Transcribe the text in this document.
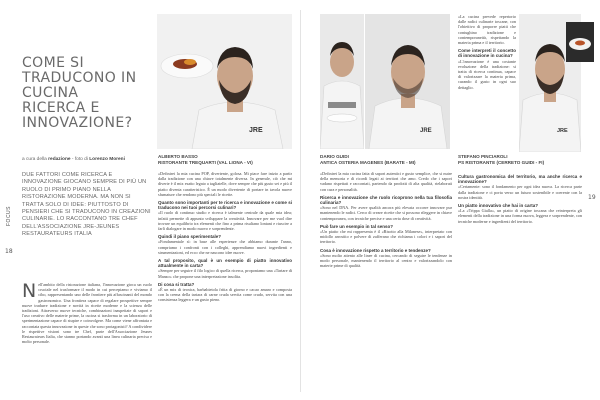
FOCUS
18
COME SI TRADUCONO IN CUCINA RICERCA E INNOVAZIONE?
a cura della redazione - foto di Lorenzo Moreni

DUE FATTORI COME RICERCA E INNOVAZIONE GIOCANO SEMPRE DI PIÙ UN RUOLO DI PRIMO PIANO NELLA RISTORAZIONE MODERNA. MA NON SI TRATTA SOLO DI IDEE: PIUTTOSTO DI PENSIERI CHE SI TRADUCONO IN CREAZIONI CULINARIE. LO RACCONTANO TRE CHEF DELL'ASSOCIAZIONE JRE-JEUNES RESTAURATEURS ITALIA

Nell'ambito della ristorazione italiana, l'innovazione gioca un ruolo cruciale nel trasformare il modo in cui percepiamo e viviamo il cibo, rappresentando uno delle frontiere più affascinanti del mondo gastronomico. Una frontiera capace di regalare prospettive sempre nuove tradurre tradizione e novità in ricette moderne e la scienza delle tradizioni. Attraverso nuove tecniche, combinazioni inaspettate di sapori e l'uso creativo delle materie prime, la cucina si trasforma in un laboratorio di sperimentazione capace di stupire e coinvolgere. Ma come viene affrontata e raccontata questa innovazione in queste che sono protagonisti? A condividere le rispettive visioni sono tre Chef, parte dell'Associazione Jeunes Restaurateurs Italia, che stanno portando avanti una linea culinaria precisa e molto personale.
JRE
ALBERTO BASSO
RISTORANTE TREQUARTI (VAL LIONA - VI)
«Definirei la mia cucina POP, divertente, golosa. Mi piace fare inizio a partir dalla tradizione con una chiave totalmente diversa. In generale, ciò che mi diverte è il mix esatto legato a tagliatelle, dove sempre che più gusto sei e più il piatto diventa caratteristico. È un modo divertente di portare in tavola nuove sfumature che rendono più speciali le ricette.
Quanto sono importanti per te ricerca e innovazione e come si traducono nei tuoi percorsi culinari?
«Il ruolo di continuo studio e ricerca è talmente centrale da quale mia idea; infatti permette di appunto sviluppare la creatività. Innovare per me vuol dire trovare un equilibrio tra elementi che fino a prima risultano lontani e riuscire a farli dialogare in modo nuovo e sorprendente.
Quindi il piano sperimentale?
«Fondamentale sì: in base alle esperienze che abbiamo durante l'anno, compriamo i confronti con i colleghi, apprendiamo nuovi ingredienti e strumentazioni, ed ecco che ne nascono idee nuove.
A tal proposito, qual è un esempio di piatto innovativo attualmente in carta?
«Sempre per seguire il filo logico di quella ricerca, proponiamo una «Tartare di Manzo» che propone una interpretazione insolita.
Di cosa si tratta?
«È un mix di tecnica, barbabietola fritta di giorno e cacao amaro e composta con la crema della tartara di carne cruda servita come crudo, servita con una consistenza leggera e un gusto pieno.
JRE
DARIO GUIDI
ANTICA OSTERIA MAGENES (BARATE - MI)
«Definirei la mia cucina fatta di sapori autentici e gusto semplice, che si nutre della memoria e di ricordi legati ai territori che amo. Credo che i sapori vadano rispettati e raccontati, partendo da prodotti di alta qualità, rielaborati con cura e personalità.
Ricerca e innovazione che ruolo ricoprono nella tua filosofia culinaria?
«Sono nel DNA. Per avere qualità ancora più elevata occorre innovare pur mantenendo le radici. Cerco di creare ricette che si possono rileggere in chiave contemporanea, con tecniche precise e una certa dose di creatività.
Può fare un esempio in tal senso?
«Un piatto che mi rappresenta è il «Risotto alla Milanese», interpretato con midollo arrostito e polvere di zafferano che richiama i colori e i sapori del territorio.
Cosa è innovazione rispetto a territorio e tendenze?
«Sono molto attento alle linee di cucina, cercando di seguire le tendenze in modo personale, mantenendo il territorio al centro e valorizzandolo con materie prime di qualità.
«La cucina prevede repertorio dalle radici culinarie toscane, con l'obiettivo di proporre piatti che coniughino tradizione e contemporaneità, rispettando la materia prima e il territorio.
Come interpreti il concetto di innovazione in cucina?
«L'innovazione è una costante evoluzione della tradizione: si tratta di ricerca continua, capace di valorizzare la materia prima, curando il gusto in ogni suo dettaglio.
JRE
STEFANO PINCIAROLI
PS RISTORANTE (CERRETO GUIDI - FI)
Cultura gastronomica del territorio, ma anche ricerca e innovazione?
«Certamente: sono il fondamento per ogni idea nuova. La ricerca parte dalla tradizione e ci porta verso un futuro sostenibile e coerente con la nostra identità.
Un piatto innovativo che hai in carta?
«La «Trippa Gialla», un piatto di origine toscana che reinterpreta gli elementi della tradizione in una forma nuova, leggera e sorprendente, con tecniche moderne e ingredienti del territorio.
19
